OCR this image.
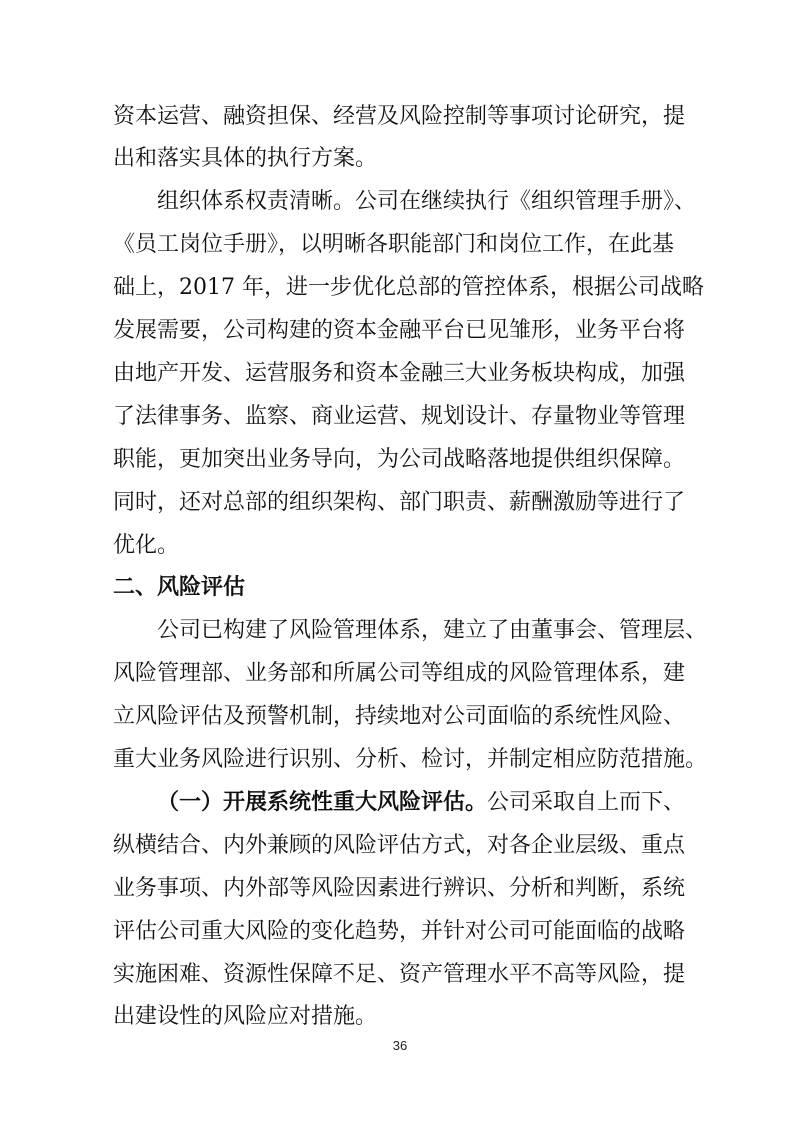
资本运营、融资担保、经营及风险控制等事项讨论研究，提
出和落实具体的执行方案。
组织体系权责清晰。公司在继续执行《组织管理手册》、
《员工岗位手册》，以明晰各职能部门和岗位工作，在此基
础上，2017 年，进一步优化总部的管控体系，根据公司战略
发展需要，公司构建的资本金融平台已见雏形，业务平台将
由地产开发、运营服务和资本金融三大业务板块构成，加强
了法律事务、监察、商业运营、规划设计、存量物业等管理
职能，更加突出业务导向，为公司战略落地提供组织保障。
同时，还对总部的组织架构、部门职责、薪酬激励等进行了
优化。
二、风险评估
公司已构建了风险管理体系，建立了由董事会、管理层、
风险管理部、业务部和所属公司等组成的风险管理体系，建
立风险评估及预警机制，持续地对公司面临的系统性风险、
重大业务风险进行识别、分析、检讨，并制定相应防范措施。
（一）开展系统性重大风险评估。公司采取自上而下、
纵横结合、内外兼顾的风险评估方式，对各企业层级、重点
业务事项、内外部等风险因素进行辨识、分析和判断，系统
评估公司重大风险的变化趋势，并针对公司可能面临的战略
实施困难、资源性保障不足、资产管理水平不高等风险，提
出建设性的风险应对措施。
36
